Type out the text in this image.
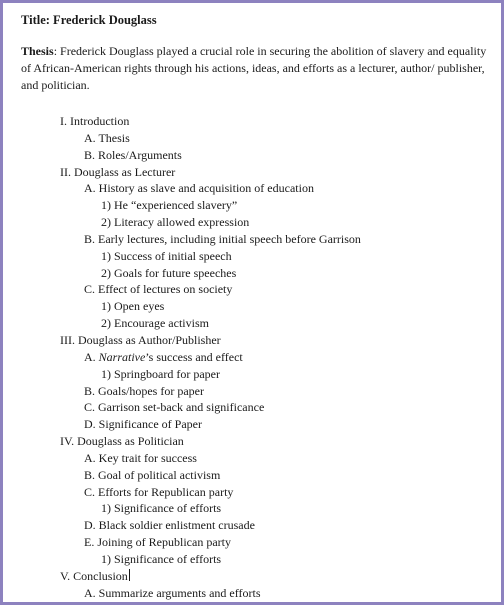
Title: Frederick Douglass

Thesis: Frederick Douglass played a crucial role in securing the abolition of slavery and equality of African-American rights through his actions, ideas, and efforts as a lecturer, author/ publisher, and politician.

I. Introduction
A. Thesis
B. Roles/Arguments
II. Douglass as Lecturer
A. History as slave and acquisition of education
1) He “experienced slavery”
2) Literacy allowed expression
B. Early lectures, including initial speech before Garrison
1) Success of initial speech
2) Goals for future speeches
C. Effect of lectures on society
1) Open eyes
2) Encourage activism
III. Douglass as Author/Publisher
A. Narrative’s success and effect
1) Springboard for paper
B. Goals/hopes for paper
C. Garrison set-back and significance
D. Significance of Paper
IV. Douglass as Politician
A. Key trait for success
B. Goal of political activism
C. Efforts for Republican party
1) Significance of efforts
D. Black soldier enlistment crusade
E. Joining of Republican party
1) Significance of efforts
V. Conclusion
A. Summarize arguments and efforts
